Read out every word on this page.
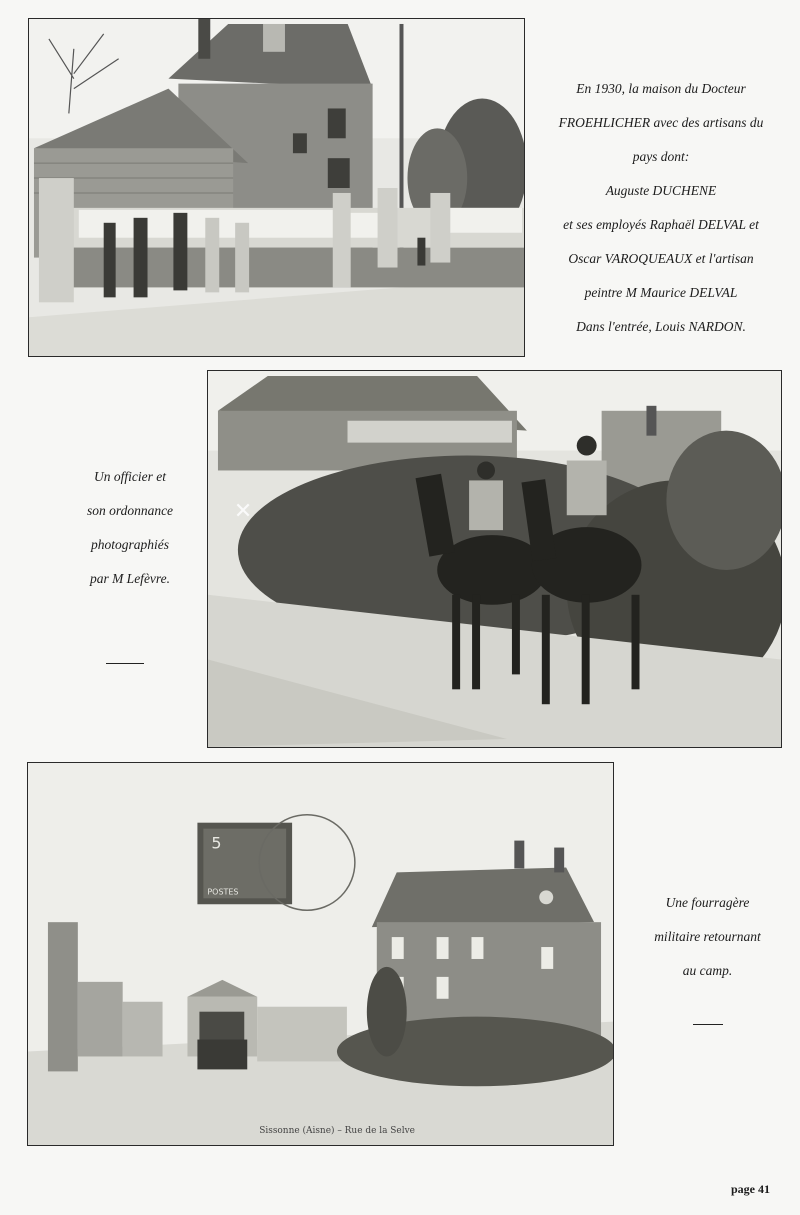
En 1930, la maison du Docteur

FROEHLICHER avec des artisans du

pays dont:

Auguste DUCHENE

et ses employés Raphaël DELVAL et

Oscar VAROQUEAUX et l'artisan

peintre M Maurice DELVAL

Dans l'entrée, Louis NARDON.

✕

Un officier et

son ordonnance

photographiés

par M Lefèvre.

5
POSTES
Sissonne (Aisne) – Rue de la Selve

Une fourragère

militaire retournant

au camp.

page 41
